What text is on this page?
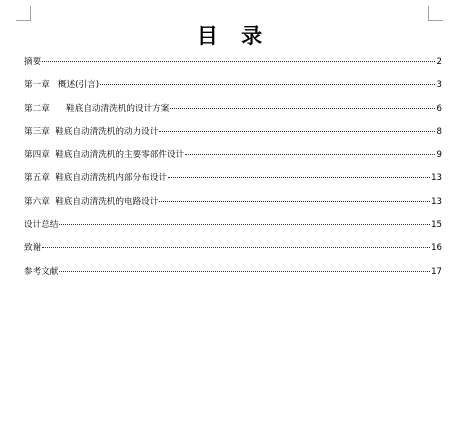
目 录
摘要	2
第一章   概述(引言)	3
第二章      鞋底自动清洗机的设计方案	6
第三章  鞋底自动清洗机的动力设计	8
第四章  鞋底自动清洗机的主要零部件设计	9
第五章  鞋底自动清洗机内部分布设计	13
第六章  鞋底自动清洗机的电路设计	13
设计总结	15
致谢	16
参考文献	17
